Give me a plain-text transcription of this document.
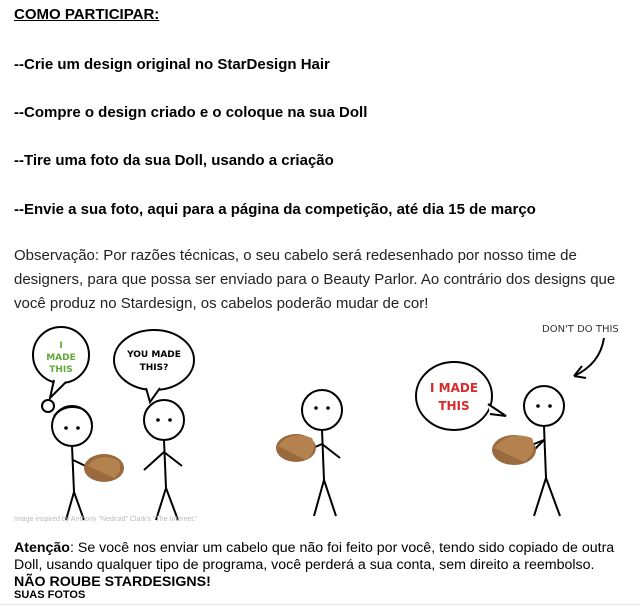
COMO PARTICIPAR:
--Crie um design original no StarDesign Hair
--Compre o design criado e o coloque na sua Doll
--Tire uma foto da sua Doll, usando a criação
--Envie a sua foto, aqui para a página da competição, até dia 15 de março
Observação: Por razões técnicas, o seu cabelo será redesenhado por nosso time de designers, para que possa ser enviado para o Beauty Parlor. Ao contrário dos designs que você produz no Stardesign, os cabelos poderão mudar de cor!
I
MADE
THIS
YOU MADE
THIS?
DON'T DO THIS
I MADE
THIS
Image inspired by Anthony "Nedroid" Clark's "The Internet."
Atenção: Se você nos enviar um cabelo que não foi feito por você, tendo sido copiado de outra Doll, usando qualquer tipo de programa, você perderá a sua conta, sem direito a reembolso. NÃO ROUBE STARDESIGNS!
SUAS FOTOS
